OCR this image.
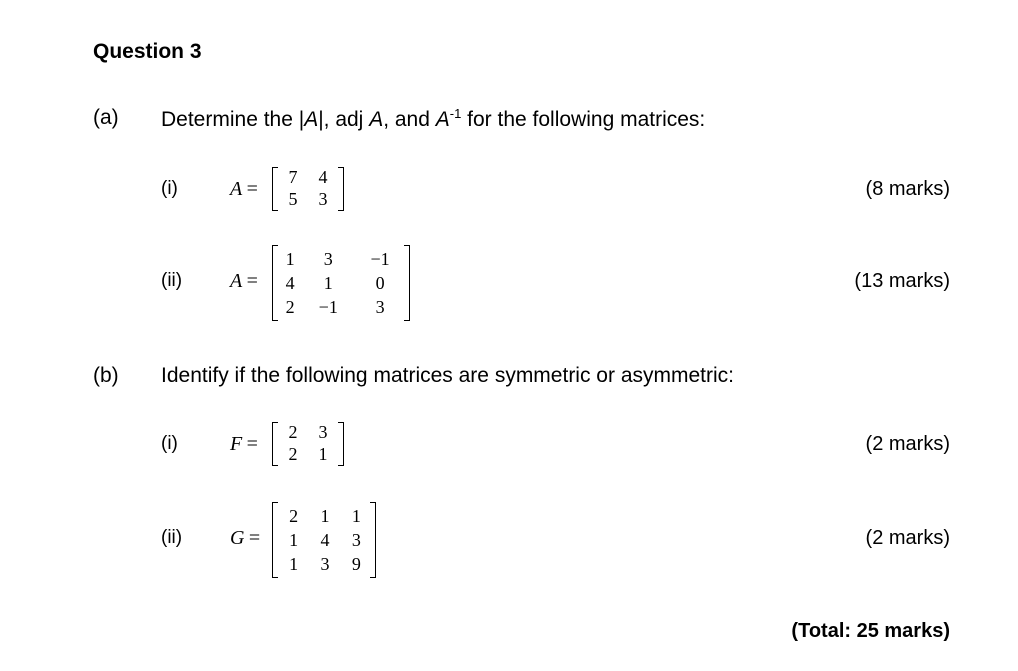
Question 3
(a) Determine the |A|, adj A, and $A^{-1}$ for the following matrices:
(i)	A =
7	4
5	3	(8 marks)
(ii) A =
1	3	−1
4	1	0
2	−1	3
(13 marks)
(b) Identify if the following matrices are symmetric or asymmetric:
(i)	F =
2	3
2	1	(2 marks)
(ii) G =
2	1	1
1	4	3
1	3	9
(2 marks)
(Total: 25 marks)
